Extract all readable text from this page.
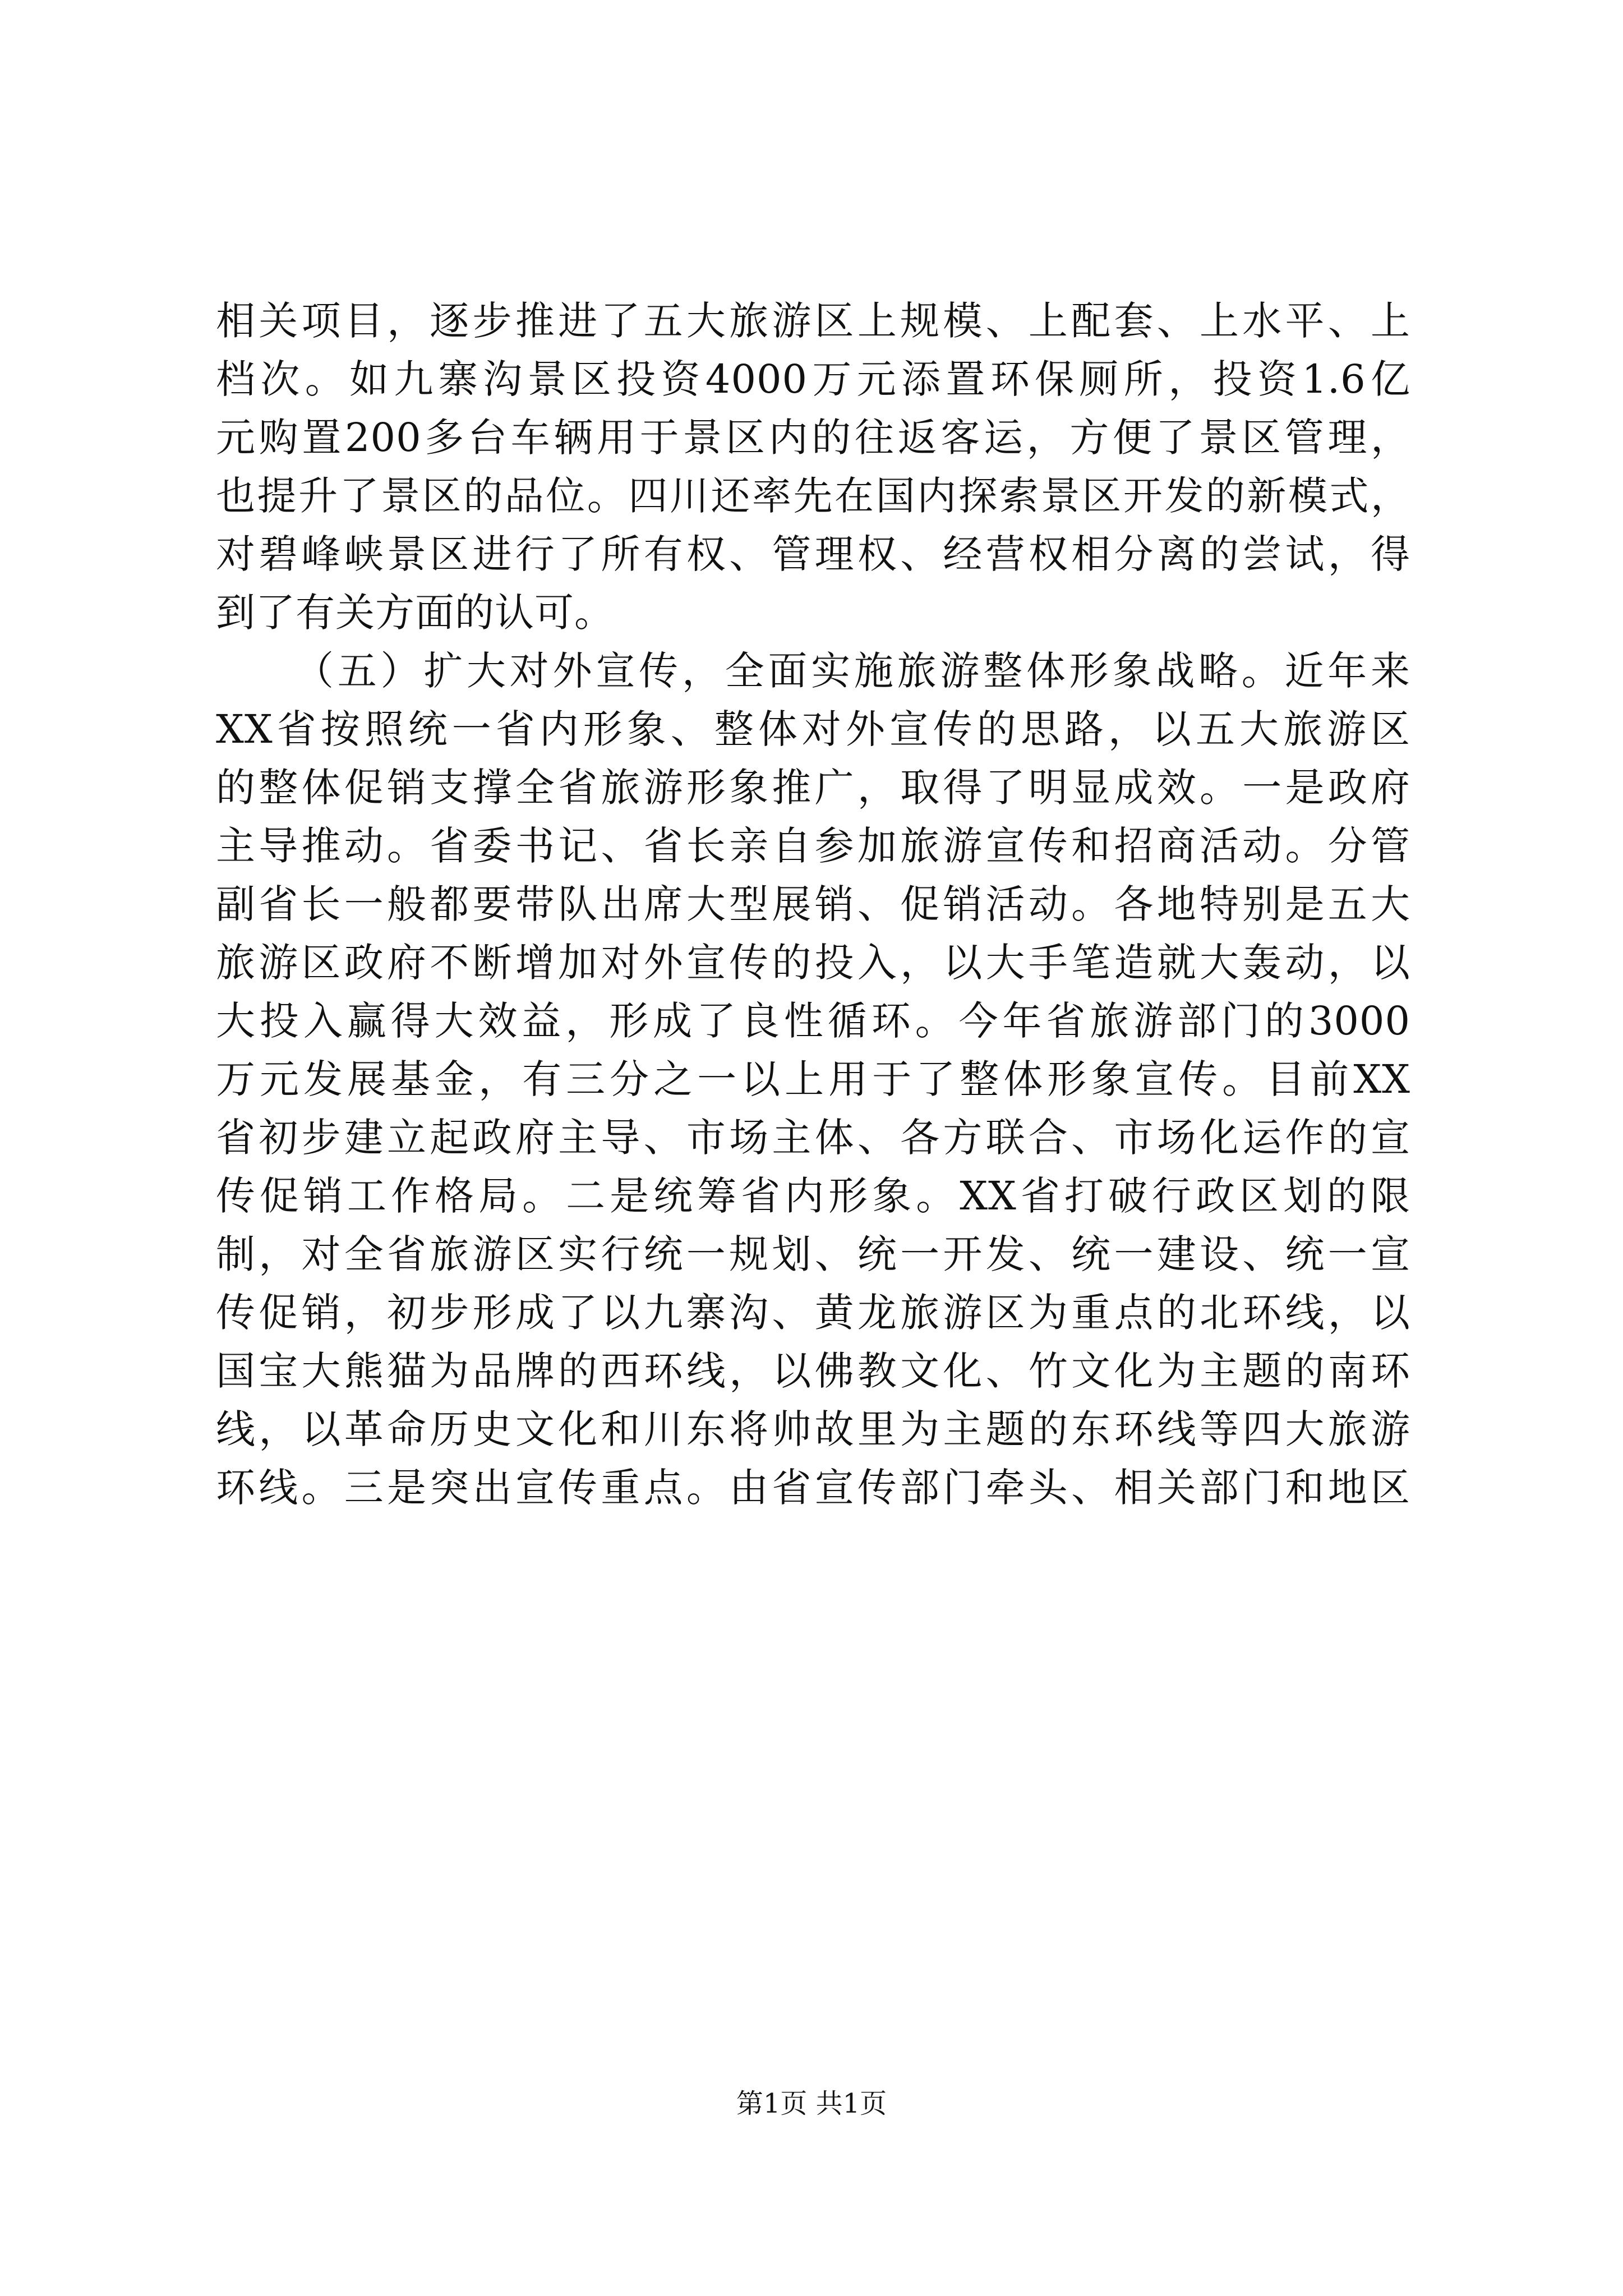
相关项目，逐步推进了五大旅游区上规模、上配套、上水平、上
档次。如九寨沟景区投资4000万元添置环保厕所，投资1.6亿
元购置200多台车辆用于景区内的往返客运，方便了景区管理，
也提升了景区的品位。四川还率先在国内探索景区开发的新模式，
对碧峰峡景区进行了所有权、管理权、经营权相分离的尝试，得
到了有关方面的认可。
（五）扩大对外宣传，全面实施旅游整体形象战略。近年来
XX省按照统一省内形象、整体对外宣传的思路，以五大旅游区
的整体促销支撑全省旅游形象推广，取得了明显成效。一是政府
主导推动。省委书记、省长亲自参加旅游宣传和招商活动。分管
副省长一般都要带队出席大型展销、促销活动。各地特别是五大
旅游区政府不断增加对外宣传的投入，以大手笔造就大轰动，以
大投入赢得大效益，形成了良性循环。今年省旅游部门的3000
万元发展基金，有三分之一以上用于了整体形象宣传。目前XX
省初步建立起政府主导、市场主体、各方联合、市场化运作的宣
传促销工作格局。二是统筹省内形象。XX省打破行政区划的限
制，对全省旅游区实行统一规划、统一开发、统一建设、统一宣
传促销，初步形成了以九寨沟、黄龙旅游区为重点的北环线，以
国宝大熊猫为品牌的西环线，以佛教文化、竹文化为主题的南环
线，以革命历史文化和川东将帅故里为主题的东环线等四大旅游
环线。三是突出宣传重点。由省宣传部门牵头、相关部门和地区
第1页 共1页
